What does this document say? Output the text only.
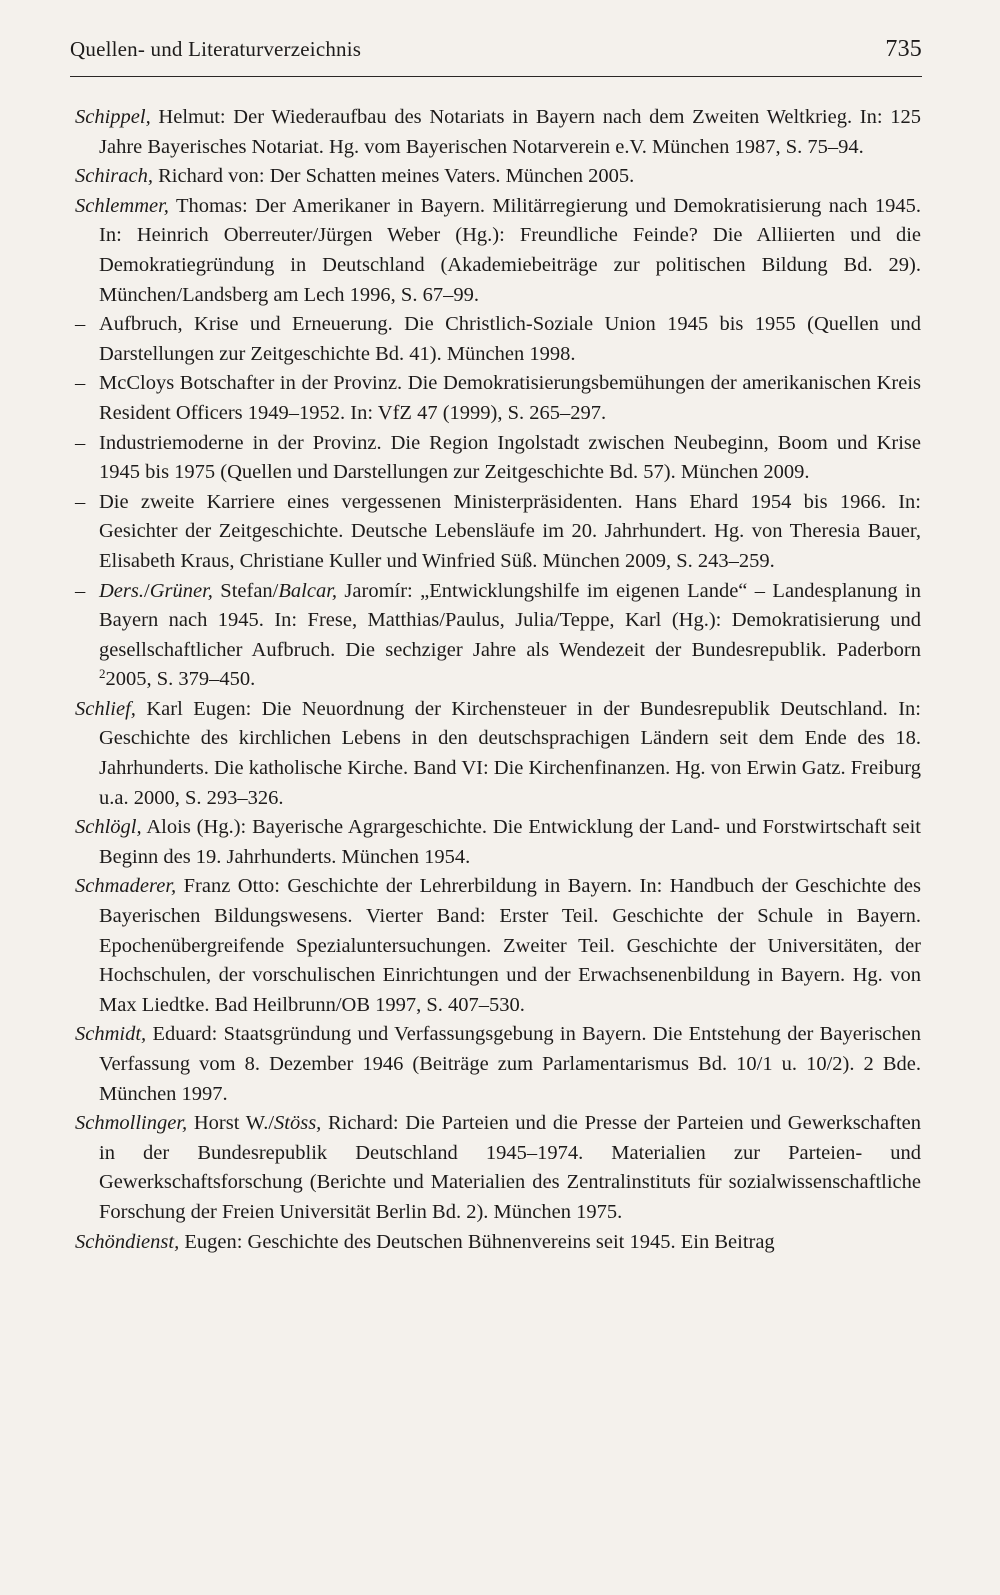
Quellen- und Literaturverzeichnis	735
Schippel, Helmut: Der Wiederaufbau des Notariats in Bayern nach dem Zweiten Weltkrieg. In: 125 Jahre Bayerisches Notariat. Hg. vom Bayerischen Notarverein e.V. München 1987, S. 75–94.
Schirach, Richard von: Der Schatten meines Vaters. München 2005.
Schlemmer, Thomas: Der Amerikaner in Bayern. Militärregierung und Demokratisierung nach 1945. In: Heinrich Oberreuter/Jürgen Weber (Hg.): Freundliche Feinde? Die Alliierten und die Demokratiegründung in Deutschland (Akademiebeiträge zur politischen Bildung Bd. 29). München/Landsberg am Lech 1996, S. 67–99.
– Aufbruch, Krise und Erneuerung. Die Christlich-Soziale Union 1945 bis 1955 (Quellen und Darstellungen zur Zeitgeschichte Bd. 41). München 1998.
– McCloys Botschafter in der Provinz. Die Demokratisierungsbemühungen der amerikanischen Kreis Resident Officers 1949–1952. In: VfZ 47 (1999), S. 265–297.
– Industriemoderne in der Provinz. Die Region Ingolstadt zwischen Neubeginn, Boom und Krise 1945 bis 1975 (Quellen und Darstellungen zur Zeitgeschichte Bd. 57). München 2009.
– Die zweite Karriere eines vergessenen Ministerpräsidenten. Hans Ehard 1954 bis 1966. In: Gesichter der Zeitgeschichte. Deutsche Lebensläufe im 20. Jahrhundert. Hg. von Theresia Bauer, Elisabeth Kraus, Christiane Kuller und Winfried Süß. München 2009, S. 243–259.
– Ders./Grüner, Stefan/Balcar, Jaromír: „Entwicklungshilfe im eigenen Lande“ – Landesplanung in Bayern nach 1945. In: Frese, Matthias/Paulus, Julia/Teppe, Karl (Hg.): Demokratisierung und gesellschaftlicher Aufbruch. Die sechziger Jahre als Wendezeit der Bundesrepublik. Paderborn $^2$2005, S. 379–450.
Schlief, Karl Eugen: Die Neuordnung der Kirchensteuer in der Bundesrepublik Deutschland. In: Geschichte des kirchlichen Lebens in den deutschsprachigen Ländern seit dem Ende des 18. Jahrhunderts. Die katholische Kirche. Band VI: Die Kirchenfinanzen. Hg. von Erwin Gatz. Freiburg u.a. 2000, S. 293–326.
Schlögl, Alois (Hg.): Bayerische Agrargeschichte. Die Entwicklung der Land- und Forstwirtschaft seit Beginn des 19. Jahrhunderts. München 1954.
Schmaderer, Franz Otto: Geschichte der Lehrerbildung in Bayern. In: Handbuch der Geschichte des Bayerischen Bildungswesens. Vierter Band: Erster Teil. Geschichte der Schule in Bayern. Epochenübergreifende Spezialuntersuchungen. Zweiter Teil. Geschichte der Universitäten, der Hochschulen, der vorschulischen Einrichtungen und der Erwachsenenbildung in Bayern. Hg. von Max Liedtke. Bad Heilbrunn/OB 1997, S. 407–530.
Schmidt, Eduard: Staatsgründung und Verfassungsgebung in Bayern. Die Entstehung der Bayerischen Verfassung vom 8. Dezember 1946 (Beiträge zum Parlamentarismus Bd. 10/1 u. 10/2). 2 Bde. München 1997.
Schmollinger, Horst W./Stöss, Richard: Die Parteien und die Presse der Parteien und Gewerkschaften in der Bundesrepublik Deutschland 1945–1974. Materialien zur Parteien- und Gewerkschaftsforschung (Berichte und Materialien des Zentralinstituts für sozialwissenschaftliche Forschung der Freien Universität Berlin Bd. 2). München 1975.
Schöndienst, Eugen: Geschichte des Deutschen Bühnenvereins seit 1945. Ein Beitrag
